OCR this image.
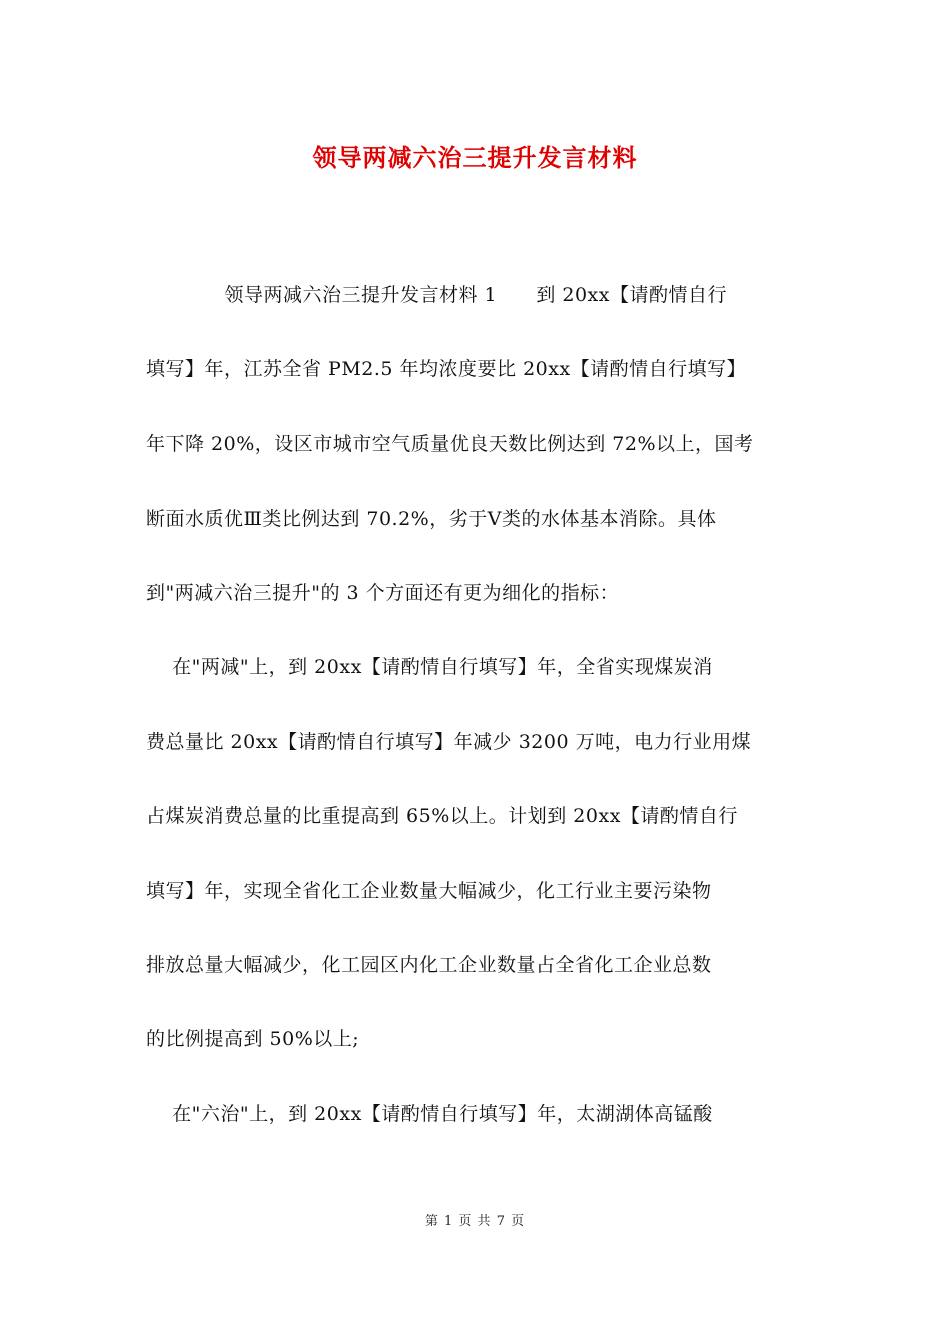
领导两减六治三提升发言材料
领导两减六治三提升发言材料 1      到 20xx【请酌情自行
填写】年，江苏全省 PM2.5 年均浓度要比 20xx【请酌情自行填写】
年下降 20%，设区市城市空气质量优良天数比例达到 72%以上，国考
断面水质优Ⅲ类比例达到 70.2%，劣于Ⅴ类的水体基本消除。具体
到"两减六治三提升"的 3 个方面还有更为细化的指标：
在"两减"上，到 20xx【请酌情自行填写】年，全省实现煤炭消
费总量比 20xx【请酌情自行填写】年减少 3200 万吨，电力行业用煤
占煤炭消费总量的比重提高到 65%以上。计划到 20xx【请酌情自行
填写】年，实现全省化工企业数量大幅减少，化工行业主要污染物
排放总量大幅减少，化工园区内化工企业数量占全省化工企业总数
的比例提高到 50%以上;
在"六治"上，到 20xx【请酌情自行填写】年，太湖湖体高锰酸
第 1 页 共 7 页
